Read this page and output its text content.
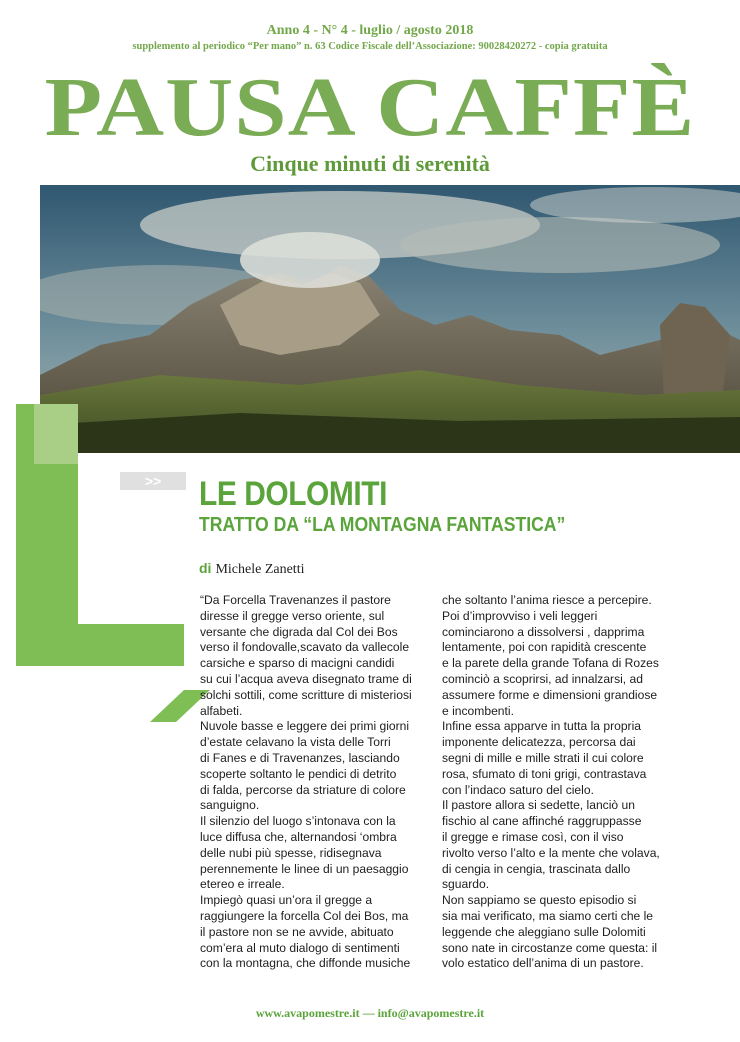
Anno 4 - N° 4 - luglio / agosto 2018
supplemento al periodico “Per mano” n. 63 Codice Fiscale dell’Associazione: 90028420272 - copia gratuita
PAUSA CAFFÈ
Cinque minuti di serenità
>>	LE DOLOMITI
TRATTO DA “LA MONTAGNA FANTASTICA”
di Michele Zanetti

“Da Forcella Travenanzes il pastore

diresse il gregge verso oriente, sul

versante che digrada dal Col dei Bos

verso il fondovalle,scavato da vallecole

carsiche e sparso di macigni candidi

su cui l’acqua aveva disegnato trame di

solchi sottili, come scritture di misteriosi

alfabeti.

Nuvole basse e leggere dei primi giorni

d’estate celavano la vista delle Torri

di Fanes e di Travenanzes, lasciando

scoperte soltanto le pendici di detrito

di falda, percorse da striature di colore

sanguigno.

Il silenzio del luogo s’intonava con la

luce diffusa che, alternandosi ‘ombra

delle nubi più spesse, ridisegnava

perennemente le linee di un paesaggio

etereo e irreale.

Impiegò quasi un’ora il gregge a

raggiungere la forcella Col dei Bos, ma

il pastore non se ne avvide, abituato

com’era al muto dialogo di sentimenti

con la montagna, che diffonde musiche

che soltanto l’anima riesce a percepire.

Poi d’improvviso i veli leggeri

cominciarono a dissolversi , dapprima

lentamente, poi con rapidità crescente

e la parete della grande Tofana di Rozes

cominciò a scoprirsi, ad innalzarsi, ad

assumere forme e dimensioni grandiose

e incombenti.

Infine essa apparve in tutta la propria

imponente delicatezza, percorsa dai

segni di mille e mille strati il cui colore

rosa, sfumato di toni grigi, contrastava

con l’indaco saturo del cielo.

Il pastore allora si sedette, lanciò un

fischio al cane affinché raggruppasse

il gregge e rimase così, con il viso

rivolto verso l’alto e la mente che volava,

di cengia in cengia, trascinata dallo

sguardo.

Non sappiamo se questo episodio si

sia mai verificato, ma siamo certi che le

leggende che aleggiano sulle Dolomiti

sono nate in circostanze come questa: il

volo estatico dell’anima di un pastore.

www.avapomestre.it — info@avapomestre.it
